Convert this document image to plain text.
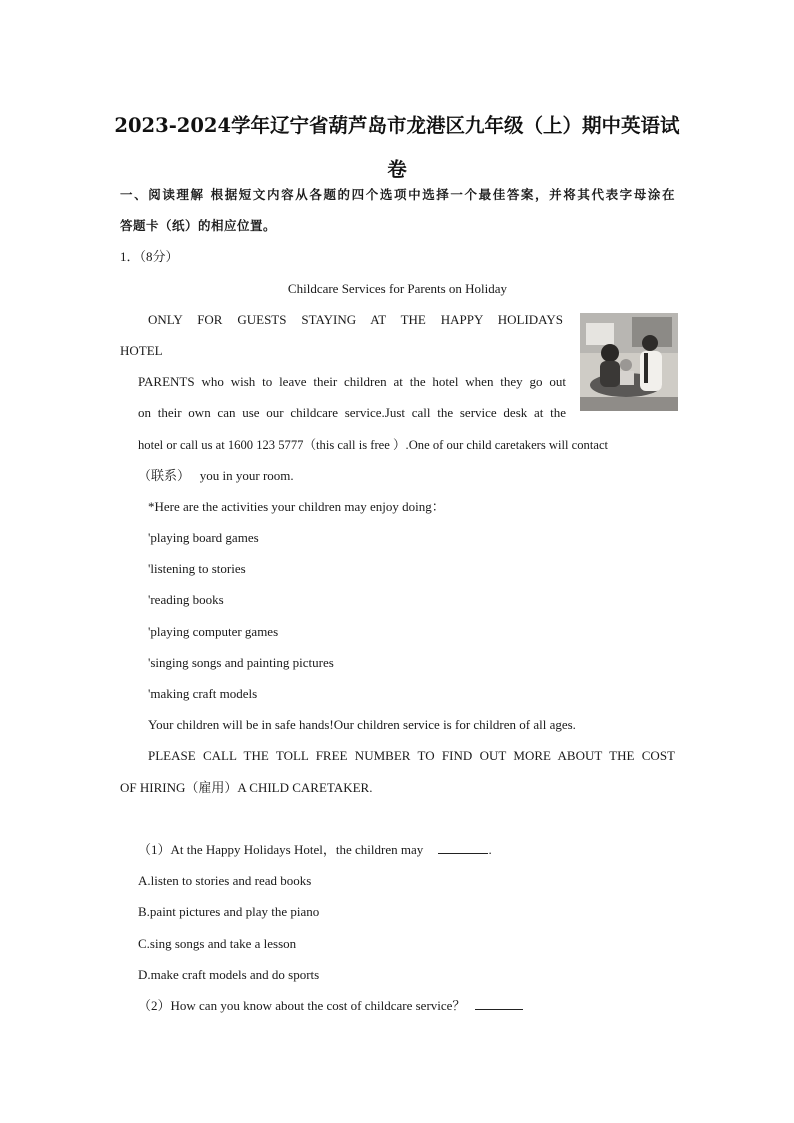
2023-2024学年辽宁省葫芦岛市龙港区九年级（上）期中英语试
卷
一、阅读理解 根据短文内容从各题的四个选项中选择一个最佳答案，并将其代表字母涂在
答题卡（纸）的相应位置。
1．（8分）
Childcare Services for Parents on Holiday
ONLY FOR GUESTS STAYING AT THE HAPPY HOLIDAYS
HOTEL
PARENTS who wish to leave their children at the hotel when they go out
on their own can use our childcare service.Just call the service desk at the
hotel or call us at 1600 123 5777（this call is free ）.One of our child caretakers will contact
（联系）   you in your room.
*Here are the activities your children may enjoy doing：
'playing board games
'listening to stories
'reading books
'playing computer games
'singing songs and painting pictures
'making craft models
Your children will be in safe hands!Our children service is for children of all ages.
PLEASE CALL THE TOLL FREE NUMBER TO FIND OUT MORE ABOUT THE COST
OF HIRING（雇用）A CHILD CARETAKER.
（1）At the Happy Holidays Hotel，the children may	.
A.listen to stories and read books
B.paint pictures and play the piano
C.sing songs and take a lesson
D.make craft models and do sports
（2）How can you know about the cost of childcare service？
